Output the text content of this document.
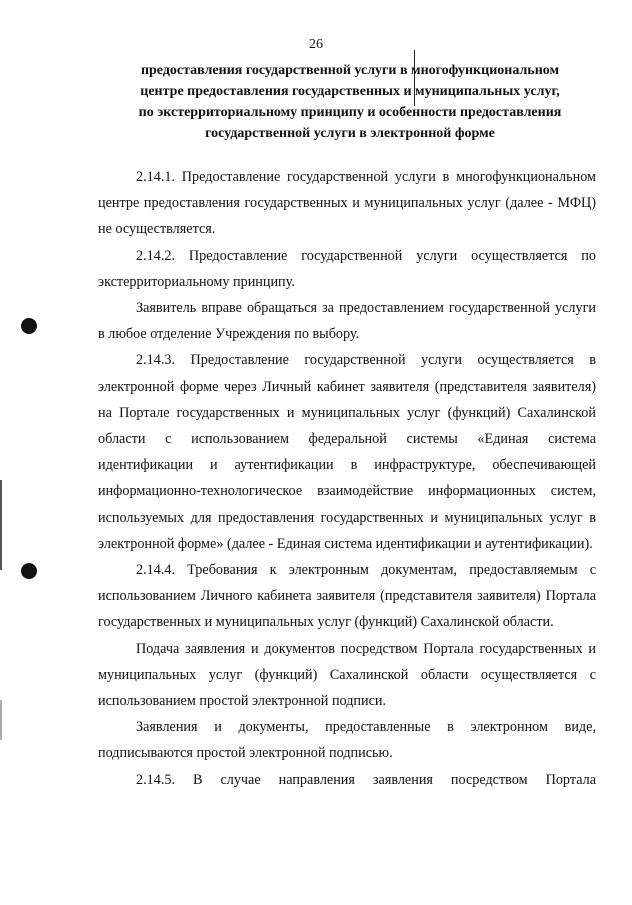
26
предоставления государственной услуги в многофункциональном
центре предоставления государственных и муниципальных услуг,
по экстерриториальному принципу и особенности предоставления
государственной услуги в электронной форме

2.14.1. Предоставление государственной услуги в многофункциональном центре предоставления государственных и муниципальных услуг (далее - МФЦ) не осуществляется.

2.14.2. Предоставление государственной услуги осуществляется по экстерриториальному принципу.

Заявитель вправе обращаться за предоставлением государственной услуги в любое отделение Учреждения по выбору.

2.14.3. Предоставление государственной услуги осуществляется в электронной форме через Личный кабинет заявителя (представителя заявителя) на Портале государственных и муниципальных услуг (функций) Сахалинской области с использованием федеральной системы «Единая система идентификации и аутентификации в инфраструктуре, обеспечивающей информационно-технологическое взаимодействие информационных систем, используемых для предоставления государственных и муниципальных услуг в электронной форме» (далее - Единая система идентификации и аутентификации).

2.14.4. Требования к электронным документам, предоставляемым с использованием Личного кабинета заявителя (представителя заявителя) Портала государственных и муниципальных услуг (функций) Сахалинской области.

Подача заявления и документов посредством Портала государственных и муниципальных услуг (функций) Сахалинской области осуществляется с использованием простой электронной подписи.

Заявления и документы, предоставленные в электронном виде, подписываются простой электронной подписью.

2.14.5. В случае направления заявления посредством Портала
